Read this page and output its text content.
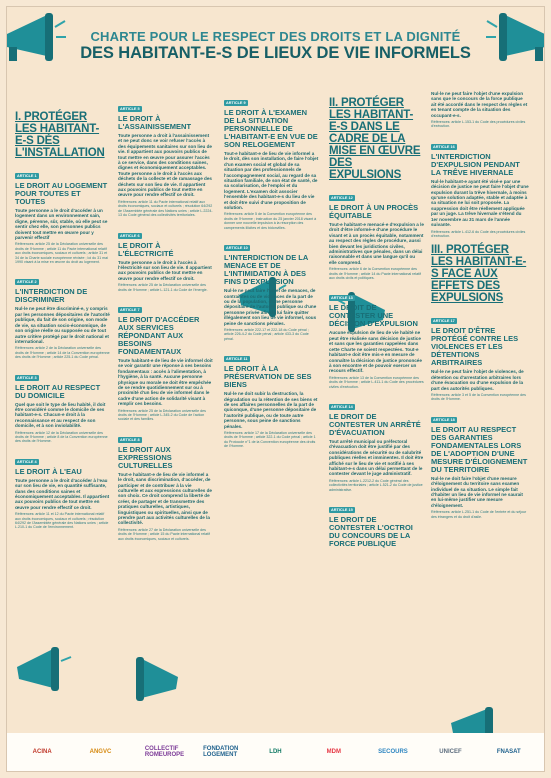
CHARTE POUR LE RESPECT DES DROITS ET LA DIGNITÉ
DES HABITANT-E-S DE LIEUX DE VIE INFORMELS
I. PROTÉGER LES HABITANT-E-S DÈS L'INSTALLATION
ARTICLE 1
LE DROIT AU LOGEMENT POUR TOUTES ET TOUTES
Toute personne a le droit d'accéder à un logement dans un environnement sain, digne, pérenne, sûr, stable, où elle peut se sentir chez elle, son personnes publics doivent tout mettre en œuvre pour y parvenir effectif
Références: article 25 de la Déclaration universelle des droits de l'Homme ; article 11 du Pacte international relatif aux droits économiques, sociaux et culturels ; article 31 et 34 de la Charte sociale européenne révisée ; loi du 31 mai 1990 visant à la mise en œuvre du droit au logement.
ARTICLE 2
L'INTERDICTION DE DISCRIMINER
Nul-le ne peut être discriminé-e, y compris par les personnes dépositaires de l'autorité publique, du fait de son origine, son mode de vie, sa situation socio-économique, de son origine réelle ou supposée ou de tout autre critère protégé par le droit national et international.
Références: article 2 de la Déclaration universelle des droits de l'Homme ; article 14 de la Convention européenne des droits de l'Homme ; article 225-1 du Code pénal.
ARTICLE 3
LE DROIT AU RESPECT DU DOMICILE
Quel que soit le type de lieu habité, il doit être considéré comme le domicile de ses habitant-e-s. Chacun-e droit à la reconnaissance et au respect de son domicile, et à son inviolabilité.
Références: article 12 de la Déclaration universelle des droits de l'Homme ; article 8 de la Convention européenne des droits de l'Homme.
ARTICLE 4
LE DROIT À L'EAU
Toute personne a le droit d'accéder à l'eau sur son lieu de vie, en quantité suffisante, dans des conditions saines et économiquement acceptables. Il appartient aux pouvoirs publics de tout mettre en œuvre pour rendre effectif ce droit.
Références: article 11 et 12 du Pacte international relatif aux droits économiques, sociaux et culturels ; résolution 64/292 de l'Assemblée générale des Nations unies ; article L.210-1 du Code de l'environnement.
ARTICLE 5
LE DROIT À L'ASSAINISSEMENT
Toute personne a droit à l'assainissement et ne peut donc se voir refuser l'accès à des équipements sanitaires sur son lieu de vie. Il appartient aux pouvoirs publics de tout mettre en œuvre pour assurer l'accès à ce service, dans des conditions saines, dignes et économiquement acceptables. Toute personne a le droit à l'accès aux déchets de la collecte et de ramassage des déchets sur son lieu de vie. Il appartient aux pouvoirs publics de tout mettre en œuvre pour rendre effectif ce droit.
Références: article 11 du Pacte international relatif aux droits économiques, sociaux et culturels ; résolution 64/292 de l'Assemblée générale des Nations unies ; article L.2224-13 du Code général des collectivités territoriales.
ARTICLE 6
LE DROIT À L'ÉLECTRICITÉ
Toute personne a le droit à l'accès à l'électricité sur son lieu de vie. Il appartient aux pouvoirs publics de tout mettre en œuvre pour rendre effectif ce droit.
Références: article 25 de la Déclaration universelle des droits de l'Homme ; article L.121-1 du Code de l'énergie.
ARTICLE 7
LE DROIT D'ACCÉDER AUX SERVICES RÉPONDANT AUX BESOINS FONDAMENTAUX
Toute habitant-e de lieu de vie informel doit se voir garantir une réponse à ses besoins fondamentaux : accès à l'alimentation, à l'hygiène, à la santé. Aucune personne physique ou morale ne doit être empêchée de se rendre quotidiennement sur ou à proximité d'un lieu de vie informel dans le cadre d'une action de solidarité visant à remplir ces besoins.
Références: article 25 de la Déclaration universelle des droits de l'Homme ; article L.345-2 du Code de l'action sociale et des familles.
ARTICLE 8
LE DROIT AUX EXPRESSIONS CULTURELLES
Tout-e habitant-e de lieu de vie informel a le droit, sans discrimination, d'accéder, de participer et de contribuer à la vie culturelle et aux expressions culturelles de son choix. Ce droit comprend la liberté de créer, de partager et de transmettre des pratiques culturelles, artistiques, linguistiques ou spirituelles, ainsi que de prendre part aux activités culturelles de la collectivité.
Références: article 27 de la Déclaration universelle des droits de l'Homme ; article 15 du Pacte international relatif aux droits économiques, sociaux et culturels.
ARTICLE 9
LE DROIT À L'EXAMEN DE LA SITUATION PERSONNELLE DE L'HABITANT-E EN VUE DE SON RELOGEMENT
Tout-e habitant-e de lieu de vie informel a le droit, dès son installation, de faire l'objet d'un examen social et global de sa situation par des professionnels de l'accompagnement social, au regard de sa situation familiale, de son état de santé, de sa scolarisation, de l'emploi et du logement. L'examen doit associer l'ensemble des habitant-e-s du lieu de vie et doit être suivi d'une proposition de solution.
Références: article 5 de la Convention européenne des droits de l'Homme ; instruction du 25 janvier 2018 visant à donner une nouvelle impulsion à la résorption des campements illicites et des bidonvilles.
ARTICLE 10
L'INTERDICTION DE LA MENACE ET DE L'INTIMIDATION À DES FINS D'EXPULSION
Nul-le ne peut faire l'objet de menaces, de contraintes ou de violences de la part de ou de la population, d'une personne dépositaire de l'autorité publique ou d'une personne privée afin de lui faire quitter illégalement son lieu de vie informel, sous peine de sanctions pénales.
Références: article 222-17 et 222-18 du Code pénal ; article 226-4-2 du Code pénal ; article 433-3 du Code pénal.
ARTICLE 11
LE DROIT À LA PRÉSERVATION DE SES BIENS
Nul-le ne doit subir la destruction, la dégradation ou la rétention de ses biens et de ses affaires personnelles de la part de quiconque, d'une personne dépositaire de l'autorité publique, ou de toute autre personne, sous peine de sanctions pénales.
Références: article 17 de la Déclaration universelle des droits de l'Homme ; article 322-1 du Code pénal ; article 1 du Protocole n°1 de la Convention européenne des droits de l'Homme.
II. PROTÉGER LES HABITANT-E-S DANS LE CADRE DE LA MISE EN ŒUVRE DES EXPULSIONS
ARTICLE 12
LE DROIT À UN PROCÈS ÉQUITABLE
Tout-e habitant-e menacé-e d'expulsion a le droit d'être informé-e d'une procédure le visant et à un procès équitable, notamment au respect des règles de procédure, aussi bien devant les juridictions civiles, administratives que pénales, dans un délai raisonnable et dans une langue qu'il ou elle comprend.
Références: article 6 de la Convention européenne des droits de l'Homme ; article 14 du Pacte international relatif aux droits civils et politiques.
ARTICLE 13
LE DROIT DE CONTESTER UNE DÉCISION D'EXPULSION
Aucune expulsion de lieu de vie habité ne peut être réalisée sans décision de justice et sans que les garanties rappelées dans cette Charte ne soient respectées. Tout-e habitant-e doit être mis-e en mesure de connaître la décision de justice prononcée à son encontre et de pouvoir exercer un recours effectif.
Références: article 13 de la Convention européenne des droits de l'Homme ; article L.411-1 du Code des procédures civiles d'exécution.
ARTICLE 14
LE DROIT DE CONTESTER UN ARRÊTÉ D'ÉVACUATION
Tout arrêté municipal ou préfectoral d'évacuation doit être justifié par des considérations de sécurité ou de salubrité publiques réelles et imminentes. Il doit être affiché sur le lieu de vie et notifié à ses habitant-e-s dans un délai permettant de le contester devant le juge administratif.
Références: article L.2212-2 du Code général des collectivités territoriales ; article L.521-2 du Code de justice administrative.
ARTICLE 15
LE DROIT DE CONTESTER L'OCTROI DU CONCOURS DE LA FORCE PUBLIQUE
Nul-le ne peut faire l'objet d'une expulsion sans que le concours de la force publique ait été accordé dans le respect des règles et en tenant compte de la situation des occupant-e-s.
Références: article L.153-1 du Code des procédures civiles d'exécution.
ARTICLE 16
L'INTERDICTION D'EXPULSION PENDANT LA TRÊVE HIVERNALE
Nul-le habitant-e ayant été visé-e par une décision de justice ne peut faire l'objet d'une expulsion durant la trêve hivernale, à moins qu'une solution adaptée, stable et adaptée à sa situation ne lui soit proposée. La suppression doit être réellement appliquée par un juge. La trêve hivernale s'étend du 1er novembre au 31 mars de l'année suivante.
Références: article L.412-6 du Code des procédures civiles d'exécution.
III. PROTÉGER LES HABITANT-E-S FACE AUX EFFETS DES EXPULSIONS
ARTICLE 17
LE DROIT D'ÊTRE PROTÉGÉ CONTRE LES VIOLENCES ET LES DÉTENTIONS ARBITRAIRES
Nul-le ne peut faire l'objet de violences, de détention ou d'arrestation arbitraires lors d'une évacuation ou d'une expulsion de la part des autorités publiques.
Références: article 3 et 5 de la Convention européenne des droits de l'Homme.
ARTICLE 18
LE DROIT AU RESPECT DES GARANTIES FONDAMENTALES LORS DE L'ADOPTION D'UNE MESURE D'ÉLOIGNEMENT DU TERRITOIRE
Nul-le ne doit faire l'objet d'une mesure d'éloignement du territoire sans examen individuel de sa situation. Le simple fait d'habiter un lieu de vie informel ne saurait en lui-même justifier une mesure d'éloignement.
Références: article L.251-1 du Code de l'entrée et du séjour des étrangers et du droit d'asile.
ACINA	ANGVC	COLLECTIF ROMEUROPE
FONDATION LOGEMENT	LDH	MDM	SECOURS	UNICEF	FNASAT
